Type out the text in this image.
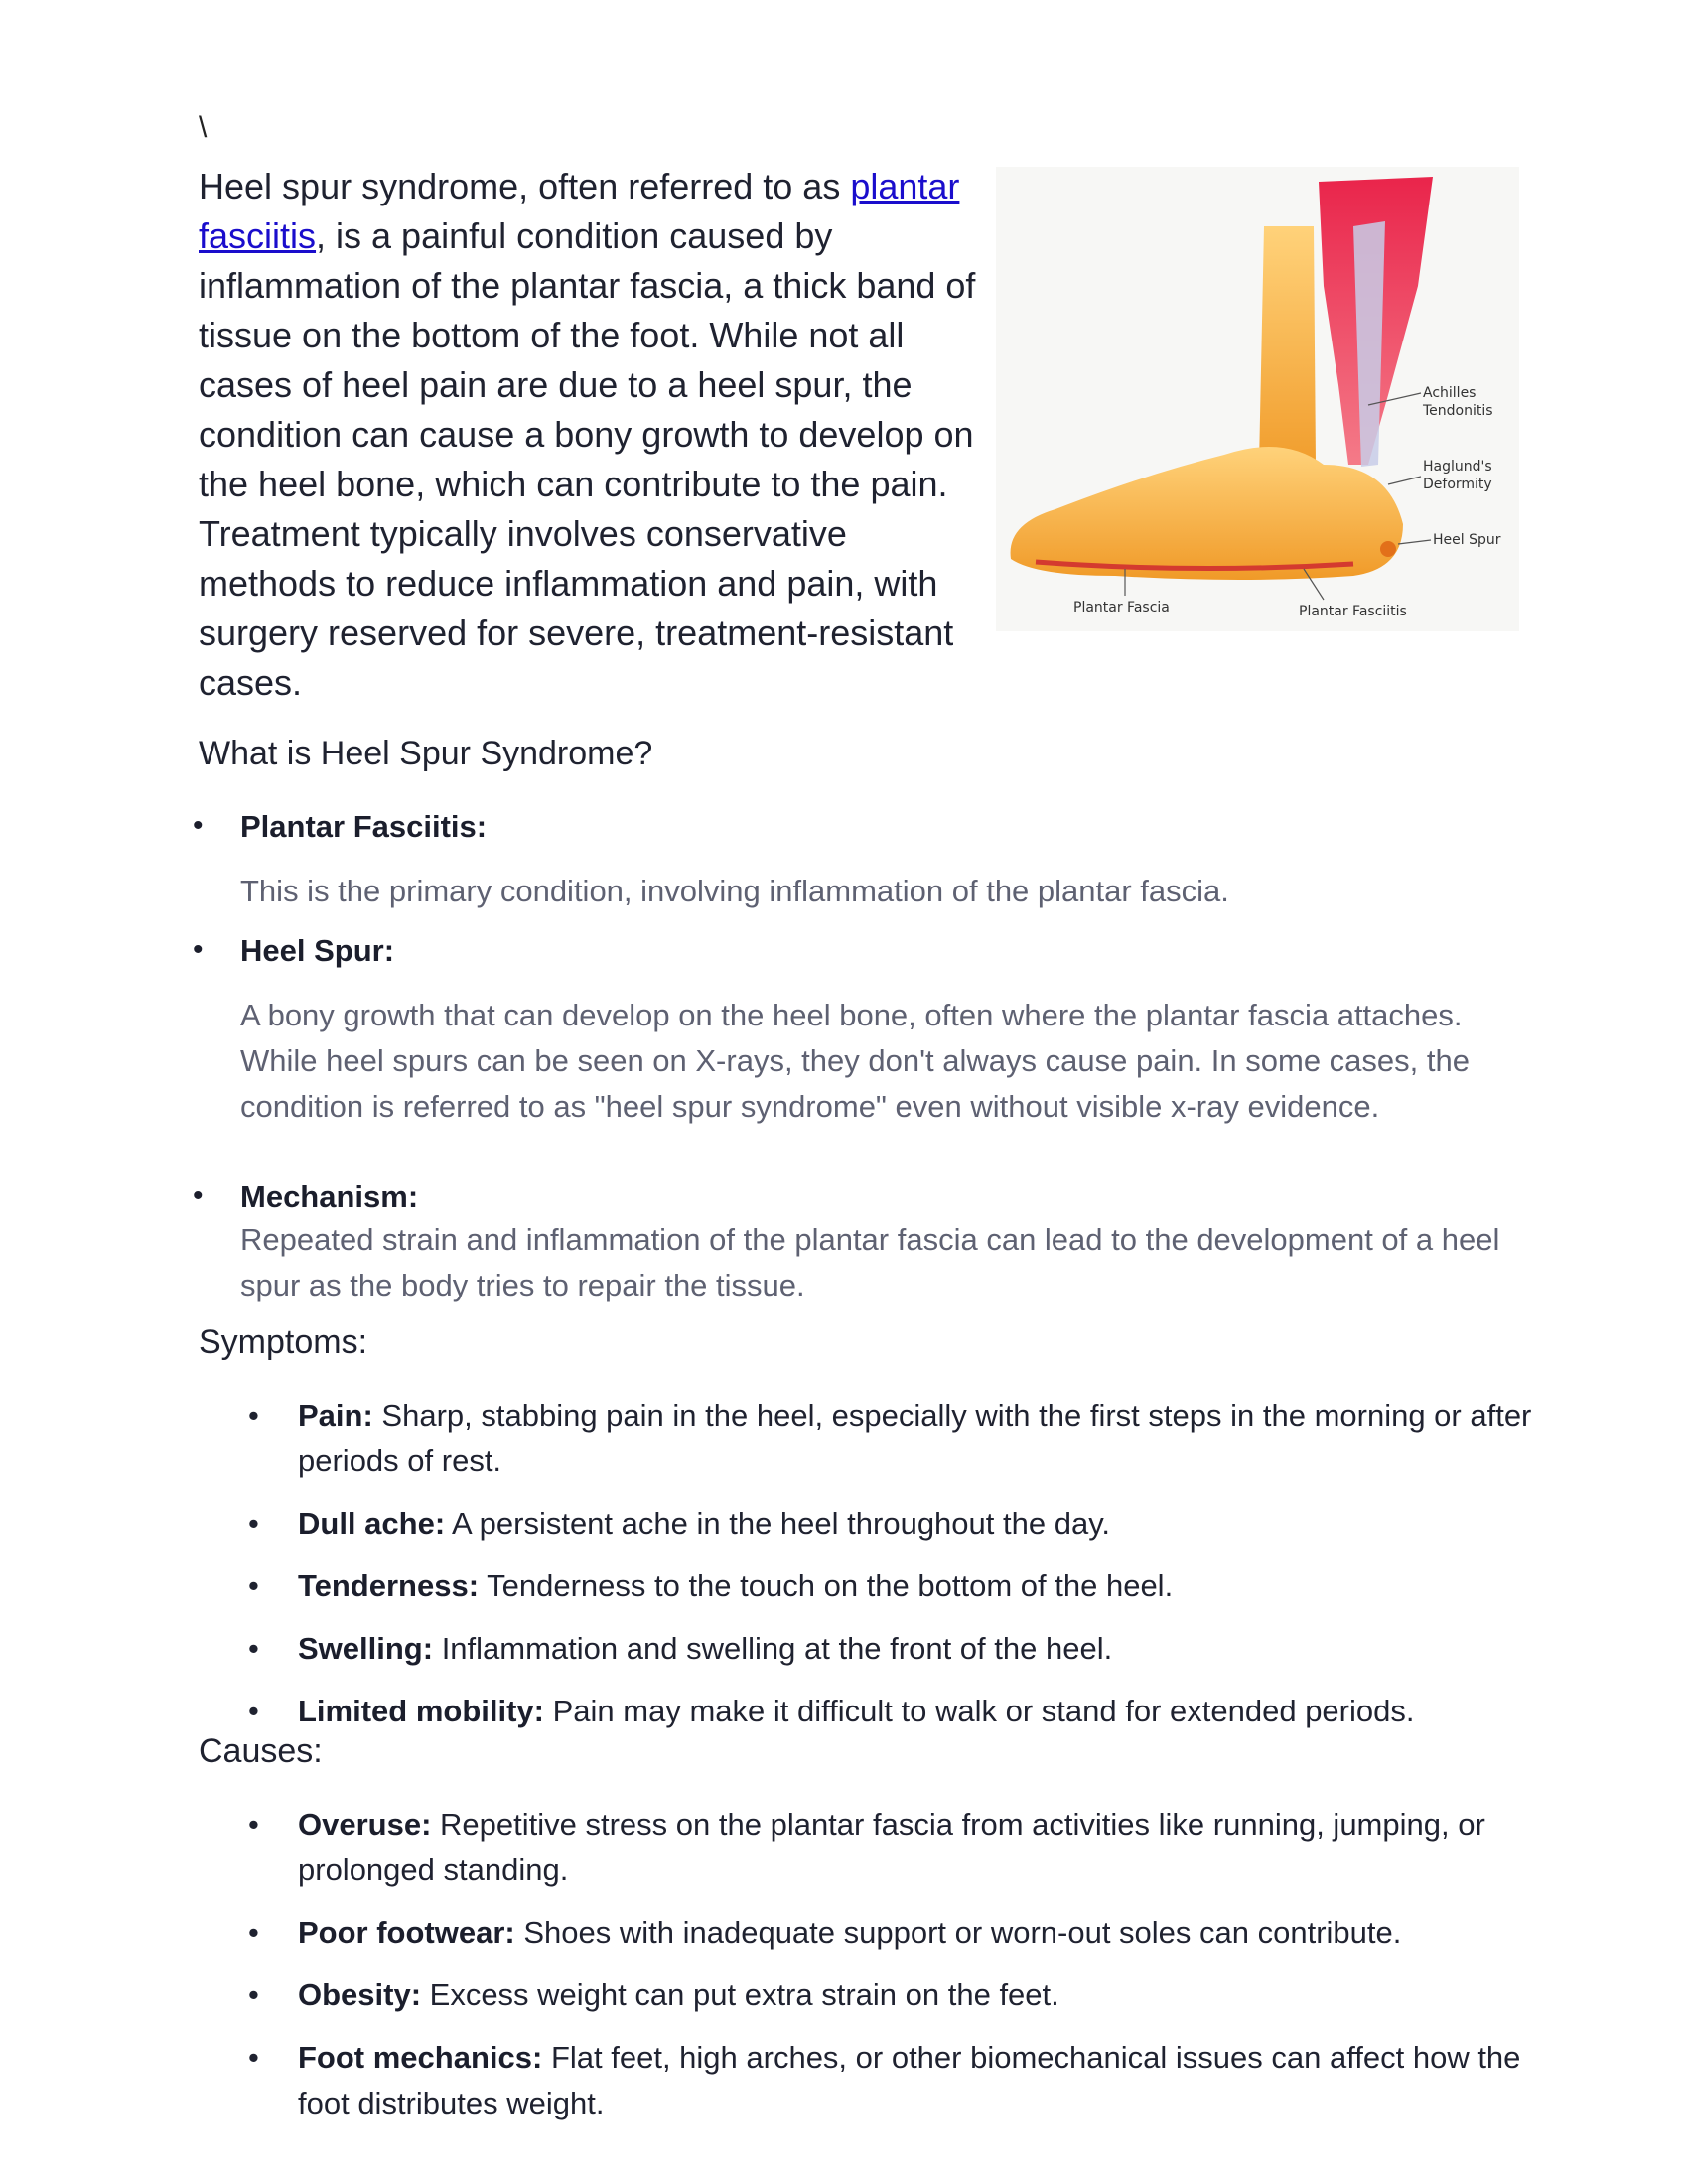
\

Heel spur syndrome, often referred to as plantar fasciitis, is a painful condition caused by inflammation of the plantar fascia, a thick band of tissue on the bottom of the foot. While not all cases of heel pain are due to a heel spur, the condition can cause a bony growth to develop on the heel bone, which can contribute to the pain. Treatment typically involves conservative methods to reduce inflammation and pain, with surgery reserved for severe, treatment-resistant cases.

Achilles
Tendonitis
Haglund's
Deformity
Heel Spur
Plantar Fascia	Plantar Fasciitis
What is Heel Spur Syndrome?
• Plantar Fasciitis:
This is the primary condition, involving inflammation of the plantar fascia.
• Heel Spur:
A bony growth that can develop on the heel bone, often where the plantar fascia attaches. While heel spurs can be seen on X-rays, they don't always cause pain. In some cases, the condition is referred to as "heel spur syndrome" even without visible x-ray evidence.
• Mechanism:
Repeated strain and inflammation of the plantar fascia can lead to the development of a heel spur as the body tries to repair the tissue.
Symptoms:
• Pain: Sharp, stabbing pain in the heel, especially with the first steps in the morning or after periods of rest.
• Dull ache: A persistent ache in the heel throughout the day.
• Tenderness: Tenderness to the touch on the bottom of the heel.
• Swelling: Inflammation and swelling at the front of the heel.
• Limited mobility: Pain may make it difficult to walk or stand for extended periods.
Causes:
• Overuse: Repetitive stress on the plantar fascia from activities like running, jumping, or prolonged standing.
• Poor footwear: Shoes with inadequate support or worn-out soles can contribute.
• Obesity: Excess weight can put extra strain on the feet.
• Foot mechanics: Flat feet, high arches, or other biomechanical issues can affect how the foot distributes weight.
